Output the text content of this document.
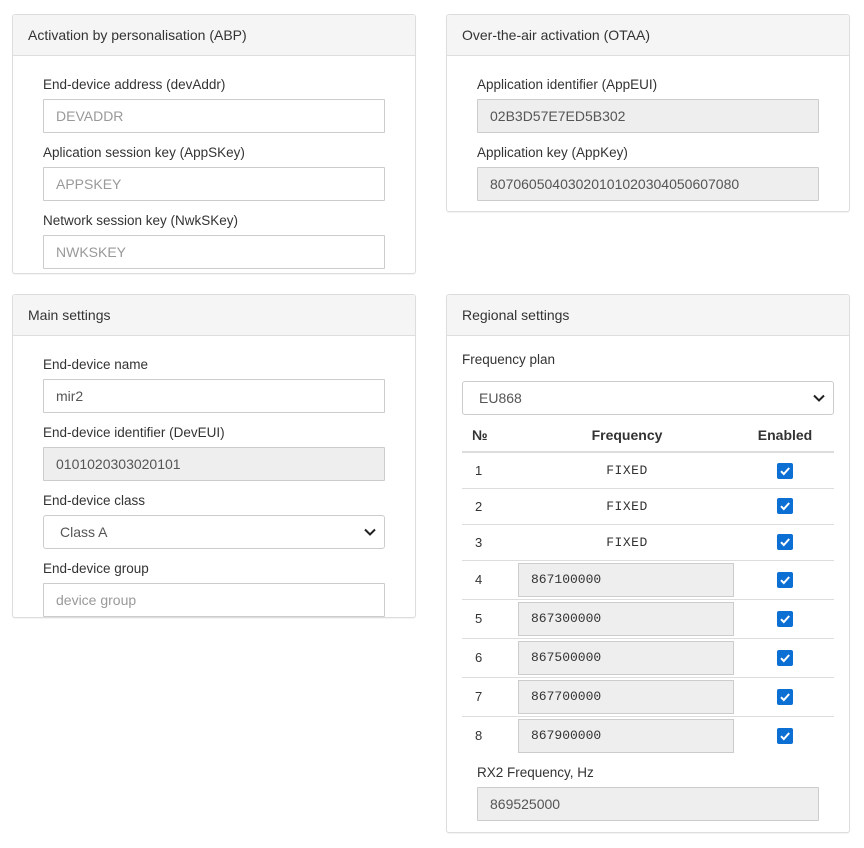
Activation by personalisation (ABP)
End-device address (devAddr)
DEVADDR
Aplication session key (AppSKey)
APPSKEY
Network session key (NwkSKey)
NWKSKEY
Over-the-air activation (OTAA)
Application identifier (AppEUI)
02B3D57E7ED5B302
Application key (AppKey)
80706050403020101020304050607080
Main settings
End-device name
mir2
End-device identifier (DevEUI)
0101020303020101
End-device class
Class A
End-device group
device group
Regional settings
Frequency plan
EU868
№	Frequency	Enabled
1	FIXED	

2	FIXED	

3	FIXED	

4	867100000

5	867300000

6	867500000

7	867700000

8	867900000

RX2 Frequency, Hz
869525000
